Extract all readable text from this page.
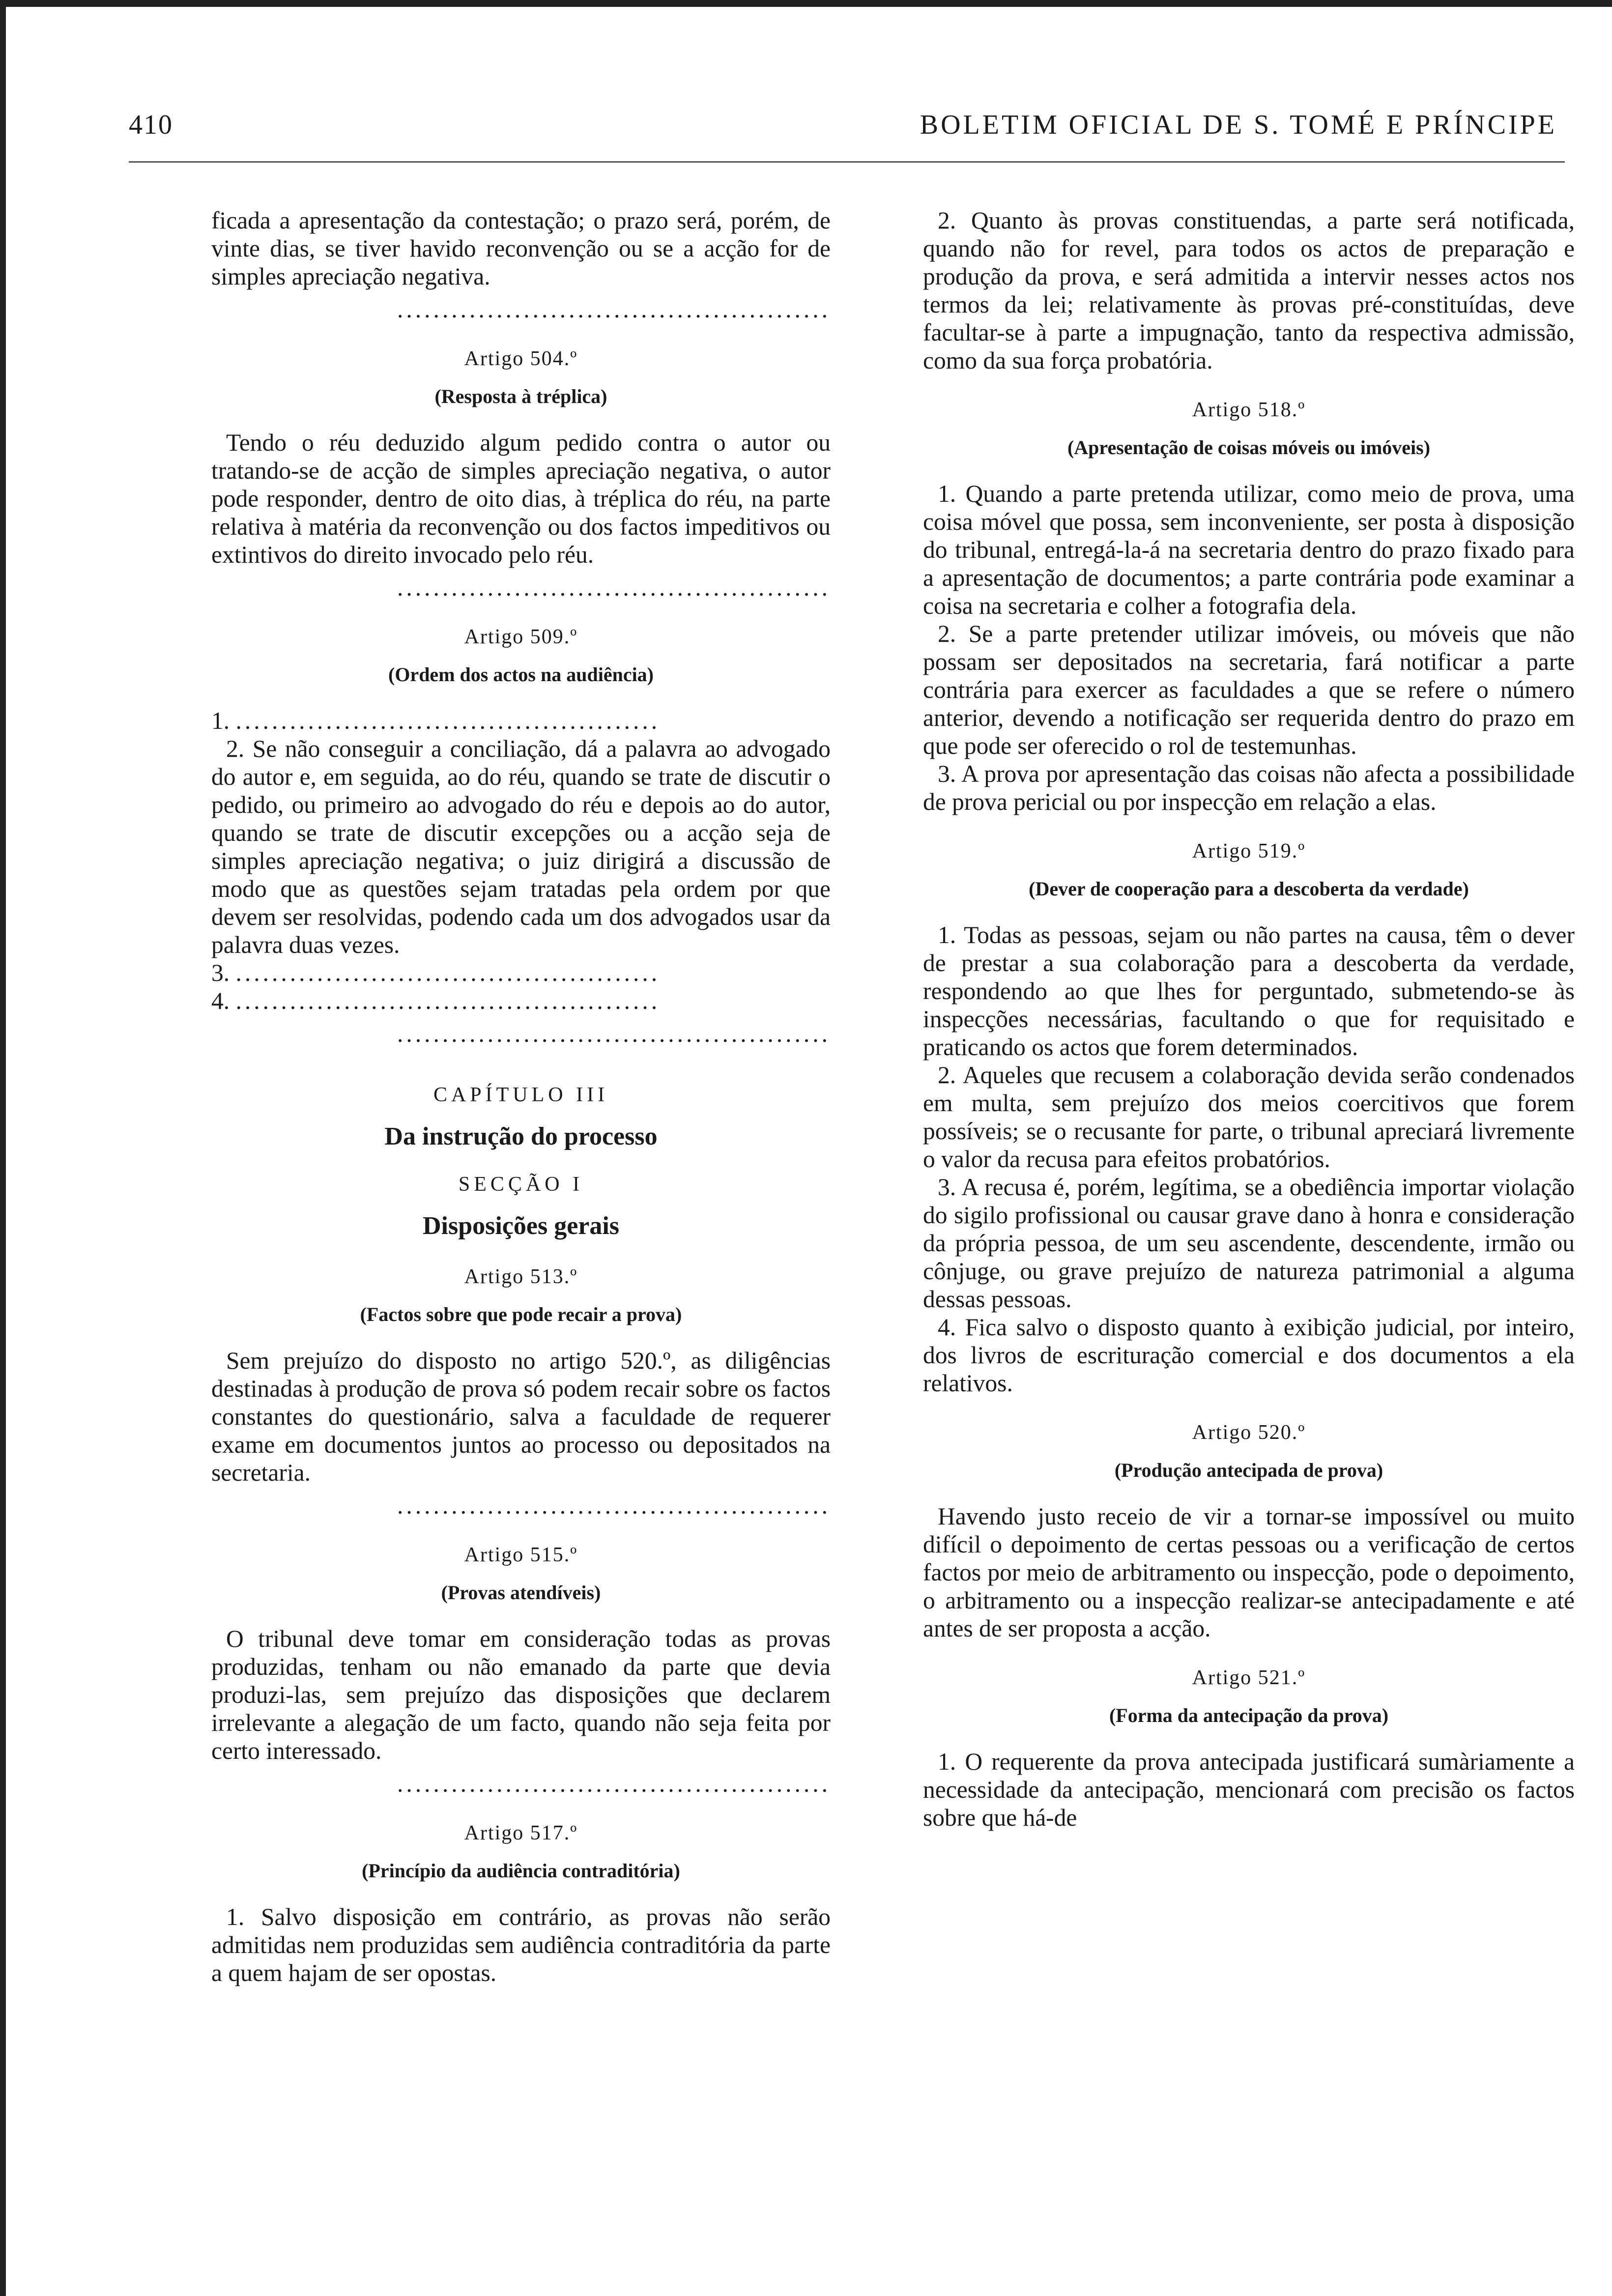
410	BOLETIM OFICIAL DE S. TOMÉ E PRÍNCIPE

ficada a apresentação da contestação; o prazo será, porém, de vinte dias, se tiver havido reconvenção ou se a acção for de simples apreciação negativa.

................................................
Artigo 504.º
(Resposta à tréplica)

Tendo o réu deduzido algum pedido contra o autor ou tratando-se de acção de simples apreciação negativa, o autor pode responder, dentro de oito dias, à tréplica do réu, na parte relativa à matéria da reconvenção ou dos factos impeditivos ou extintivos do direito invocado pelo réu.

................................................
Artigo 509.º
(Ordem dos actos na audiência)
1. ...............................................

2. Se não conseguir a conciliação, dá a palavra ao advogado do autor e, em seguida, ao do réu, quando se trate de discutir o pedido, ou primeiro ao advogado do réu e depois ao do autor, quando se trate de discutir excepções ou a acção seja de simples apreciação negativa; o juiz dirigirá a discussão de modo que as questões sejam tratadas pela ordem por que devem ser resolvidas, podendo cada um dos advogados usar da palavra duas vezes.

3. ...............................................
4. ...............................................
................................................
CAPÍTULO III
Da instrução do processo
SECÇÃO I
Disposições gerais
Artigo 513.º
(Factos sobre que pode recair a prova)

Sem prejuízo do disposto no artigo 520.º, as diligências destinadas à produção de prova só podem recair sobre os factos constantes do questionário, salva a faculdade de requerer exame em documentos juntos ao processo ou depositados na secretaria.

................................................
Artigo 515.º
(Provas atendíveis)

O tribunal deve tomar em consideração todas as provas produzidas, tenham ou não emanado da parte que devia produzi-las, sem prejuízo das disposições que declarem irrelevante a alegação de um facto, quando não seja feita por certo interessado.

................................................
Artigo 517.º
(Princípio da audiência contraditória)

1. Salvo disposição em contrário, as provas não serão admitidas nem produzidas sem audiência contraditória da parte a quem hajam de ser opostas.

2. Quanto às provas constituendas, a parte será notificada, quando não for revel, para todos os actos de preparação e produção da prova, e será admitida a intervir nesses actos nos termos da lei; relativamente às provas pré-constituídas, deve facultar-se à parte a impugnação, tanto da respectiva admissão, como da sua força probatória.

Artigo 518.º
(Apresentação de coisas móveis ou imóveis)

1. Quando a parte pretenda utilizar, como meio de prova, uma coisa móvel que possa, sem inconveniente, ser posta à disposição do tribunal, entregá-la-á na secretaria dentro do prazo fixado para a apresentação de documentos; a parte contrária pode examinar a coisa na secretaria e colher a fotografia dela.

2. Se a parte pretender utilizar imóveis, ou móveis que não possam ser depositados na secretaria, fará notificar a parte contrária para exercer as faculdades a que se refere o número anterior, devendo a notificação ser requerida dentro do prazo em que pode ser oferecido o rol de testemunhas.

3. A prova por apresentação das coisas não afecta a possibilidade de prova pericial ou por inspecção em relação a elas.

Artigo 519.º
(Dever de cooperação para a descoberta da verdade)

1. Todas as pessoas, sejam ou não partes na causa, têm o dever de prestar a sua colaboração para a descoberta da verdade, respondendo ao que lhes for perguntado, submetendo-se às inspecções necessárias, facultando o que for requisitado e praticando os actos que forem determinados.

2. Aqueles que recusem a colaboração devida serão condenados em multa, sem prejuízo dos meios coercitivos que forem possíveis; se o recusante for parte, o tribunal apreciará livremente o valor da recusa para efeitos probatórios.

3. A recusa é, porém, legítima, se a obediência importar violação do sigilo profissional ou causar grave dano à honra e consideração da própria pessoa, de um seu ascendente, descendente, irmão ou cônjuge, ou grave prejuízo de natureza patrimonial a alguma dessas pessoas.

4. Fica salvo o disposto quanto à exibição judicial, por inteiro, dos livros de escrituração comercial e dos documentos a ela relativos.

Artigo 520.º
(Produção antecipada de prova)

Havendo justo receio de vir a tornar-se impossível ou muito difícil o depoimento de certas pessoas ou a verificação de certos factos por meio de arbitramento ou inspecção, pode o depoimento, o arbitramento ou a inspecção realizar-se antecipadamente e até antes de ser proposta a acção.

Artigo 521.º
(Forma da antecipação da prova)

1. O requerente da prova antecipada justificará sumàriamente a necessidade da antecipação, mencionará com precisão os factos sobre que há-de
